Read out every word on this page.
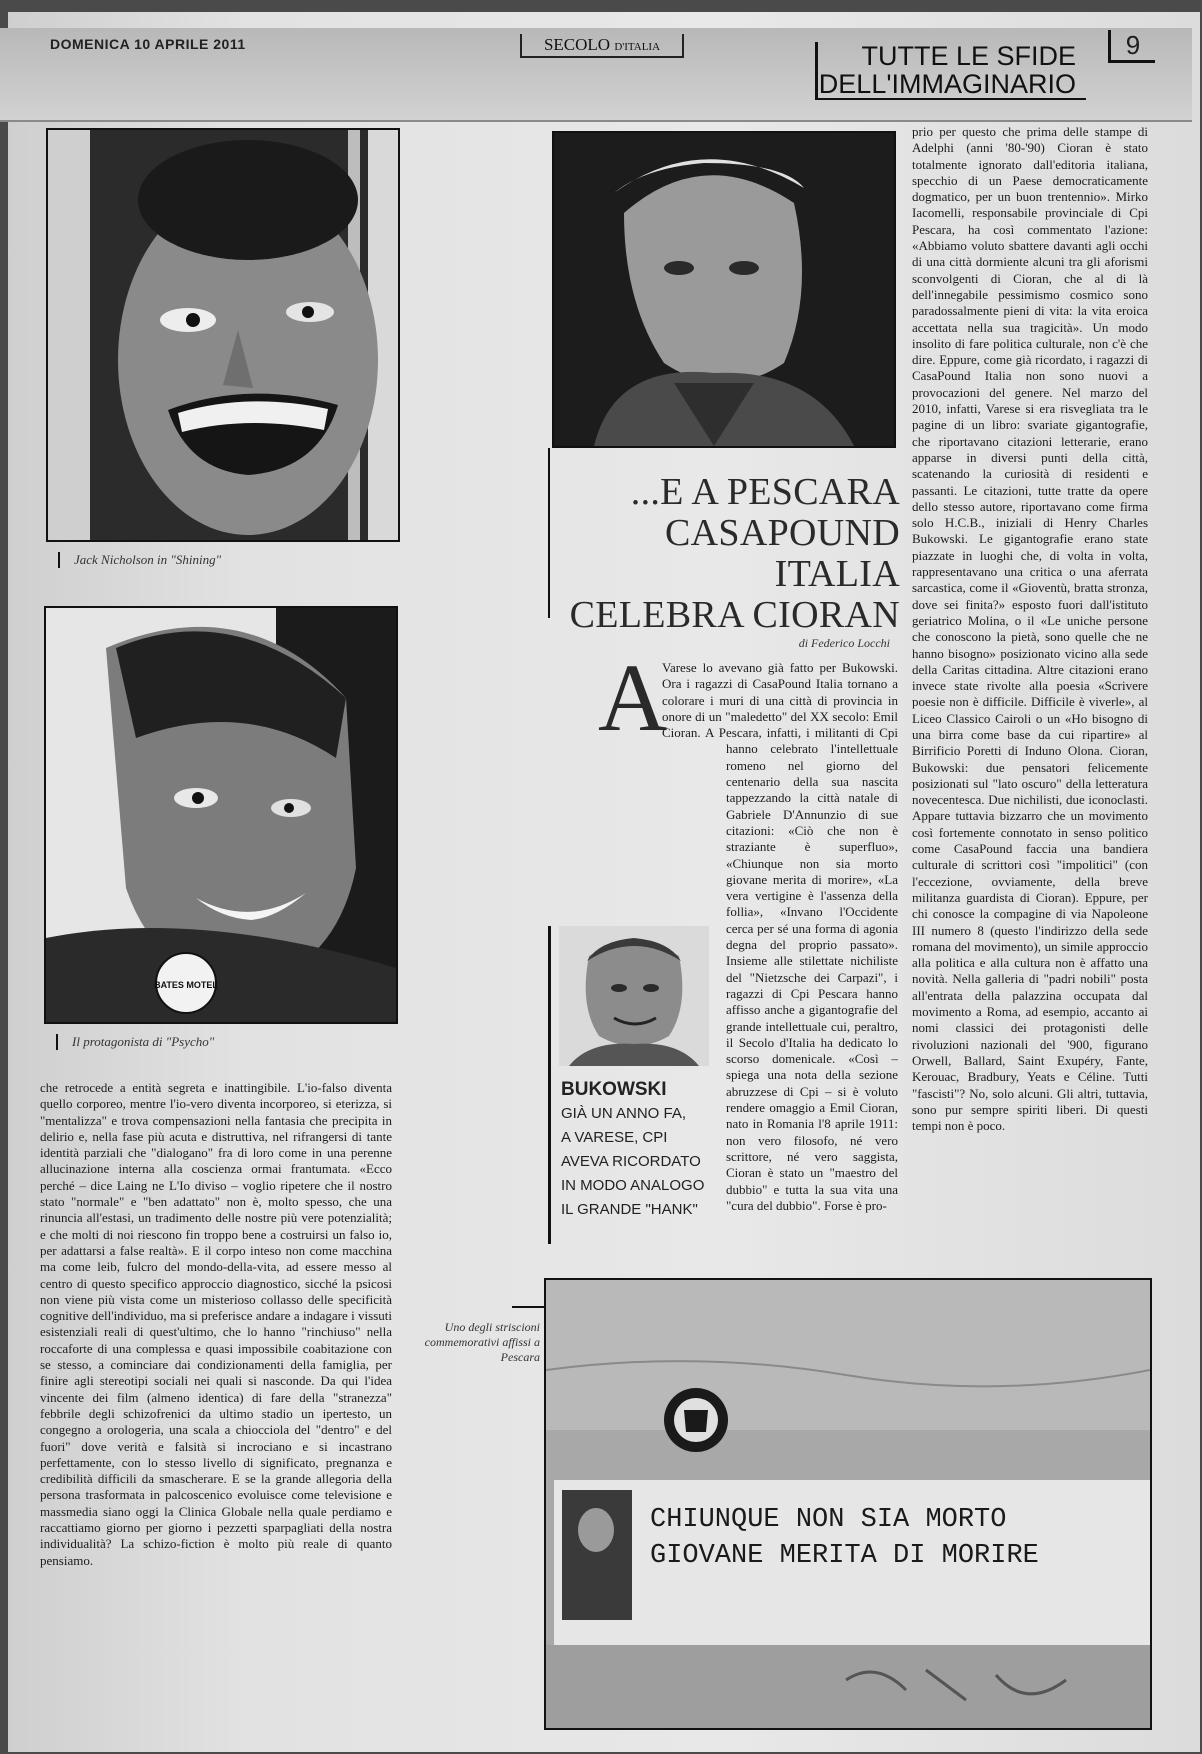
DOMENICA 10 APRILE 2011	SECOLO D'ITALIA	TUTTE LE SFIDE
DELL'IMMAGINARIO
9
Jack Nicholson in "Shining"
BATES MOTEL
Il protagonista di "Psycho"
che retrocede a entità segreta e inattingibile. L'io-falso diventa quello corporeo, mentre l'io-vero diventa incorporeo, si eterizza, si "mentalizza" e trova compensazioni nella fantasia che precipita in delirio e, nella fase più acuta e distruttiva, nel rifrangersi di tante identità parziali che "dialogano" fra di loro come in una perenne allucinazione interna alla coscienza ormai frantumata. «Ecco perché – dice Laing ne L'Io diviso – voglio ripetere che il nostro stato "normale" e "ben adattato" non è, molto spesso, che una rinuncia all'estasi, un tradimento delle nostre più vere potenzialità; e che molti di noi riescono fin troppo bene a costruirsi un falso io, per adattarsi a false realtà». E il corpo inteso non come macchina ma come leib, fulcro del mondo-della-vita, ad essere messo al centro di questo specifico approccio diagnostico, sicché la psicosi non viene più vista come un misterioso collasso delle specificità cognitive dell'individuo, ma si preferisce andare a indagare i vissuti esistenziali reali di quest'ultimo, che lo hanno "rinchiuso" nella roccaforte di una complessa e quasi impossibile coabitazione con se stesso, a cominciare dai condizionamenti della famiglia, per finire agli stereotipi sociali nei quali si nasconde. Da qui l'idea vincente dei film (almeno identica) di fare della "stranezza" febbrile degli schizofrenici da ultimo stadio un ipertesto, un congegno a orologeria, una scala a chiocciola del "dentro" e del fuori" dove verità e falsità si incrociano e si incastrano perfettamente, con lo stesso livello di significato, pregnanza e credibilità difficili da smascherare. E se la grande allegoria della persona trasformata in palcoscenico evoluisce come televisione e massmedia siano oggi la Clinica Globale nella quale perdiamo e raccattiamo giorno per giorno i pezzetti sparpagliati della nostra individualità? La schizo-fiction è molto più reale di quanto pensiamo.
...E A PESCARA
CASAPOUND ITALIA
CELEBRA CIORAN
di Federico Locchi
A

Varese lo avevano già fatto per Bukowski. Ora i ragazzi di CasaPound Italia tornano a colorare i muri di una città di provincia in onore di un "maledetto" del XX secolo: Emil Cioran. A Pescara, infatti, i militanti di Cpi hanno celebrato l'intellettuale romeno nel giorno del centenario della sua nascita tappezzando la città natale di Gabriele D'Annunzio di sue citazioni: «Ciò che non è straziante è superfluo», «Chiunque non sia morto giovane merita di morire», «La vera vertigine è l'assenza della follia», «Invano l'Occidente cerca per sé una forma di agonia degna del proprio passato». Insieme alle stilettate nichiliste del "Nietzsche dei Carpazi", i ragazzi di Cpi Pescara hanno affisso anche a gigantografie del grande intellettuale cui, peraltro, il Secolo d'Italia ha dedicato lo scorso domenicale. «Così – spiega una nota della sezione abruzzese di Cpi – si è voluto rendere omaggio a Emil Cioran, nato in Romania l'8 aprile 1911: non vero filosofo, né vero scrittore, né vero saggista, Cioran è stato un "maestro del dubbio" e tutta la sua vita una "cura del dubbio". Forse è pro-

BUKOWSKI
GIÀ UN ANNO FA,
A VARESE, CPI
AVEVA RICORDATO
IN MODO ANALOGO
IL GRANDE "HANK"
prio per questo che prima delle stampe di Adelphi (anni '80-'90) Cioran è stato totalmente ignorato dall'editoria italiana, specchio di un Paese democraticamente dogmatico, per un buon trentennio». Mirko Iacomelli, responsabile provinciale di Cpi Pescara, ha così commentato l'azione: «Abbiamo voluto sbattere davanti agli occhi di una città dormiente alcuni tra gli aforismi sconvolgenti di Cioran, che al di là dell'innegabile pessimismo cosmico sono paradossalmente pieni di vita: la vita eroica accettata nella sua tragicità». Un modo insolito di fare politica culturale, non c'è che dire. Eppure, come già ricordato, i ragazzi di CasaPound Italia non sono nuovi a provocazioni del genere. Nel marzo del 2010, infatti, Varese si era risvegliata tra le pagine di un libro: svariate gigantografie, che riportavano citazioni letterarie, erano apparse in diversi punti della città, scatenando la curiosità di residenti e passanti. Le citazioni, tutte tratte da opere dello stesso autore, riportavano come firma solo H.C.B., iniziali di Henry Charles Bukowski. Le gigantografie erano state piazzate in luoghi che, di volta in volta, rappresentavano una critica o una aferrata sarcastica, come il «Gioventù, bratta stronza, dove sei finita?» esposto fuori dall'istituto geriatrico Molina, o il «Le uniche persone che conoscono la pietà, sono quelle che ne hanno bisogno» posizionato vicino alla sede della Caritas cittadina. Altre citazioni erano invece state rivolte alla poesia «Scrivere poesie non è difficile. Difficile è viverle», al Liceo Classico Cairoli o un «Ho bisogno di una birra come base da cui ripartire» al Birrificio Poretti di Induno Olona. Cioran, Bukowski: due pensatori felicemente posizionati sul "lato oscuro" della letteratura novecentesca. Due nichilisti, due iconoclasti. Appare tuttavia bizzarro che un movimento così fortemente connotato in senso politico come CasaPound faccia una bandiera culturale di scrittori così "impolitici" (con l'eccezione, ovviamente, della breve militanza guardista di Cioran). Eppure, per chi conosce la compagine di via Napoleone III numero 8 (questo l'indirizzo della sede romana del movimento), un simile approccio alla politica e alla cultura non è affatto una novità. Nella galleria di "padri nobili" posta all'entrata della palazzina occupata dal movimento a Roma, ad esempio, accanto ai nomi classici dei protagonisti delle rivoluzioni nazionali del '900, figurano Orwell, Ballard, Saint Exupéry, Fante, Kerouac, Bradbury, Yeats e Céline. Tutti "fascisti"? No, solo alcuni. Gli altri, tuttavia, sono pur sempre spiriti liberi. Di questi tempi non è poco.
Uno degli striscioni commemorativi affissi a Pescara
CHIUNQUE NON SIA MORTO
GIOVANE MERITA DI MORIRE
